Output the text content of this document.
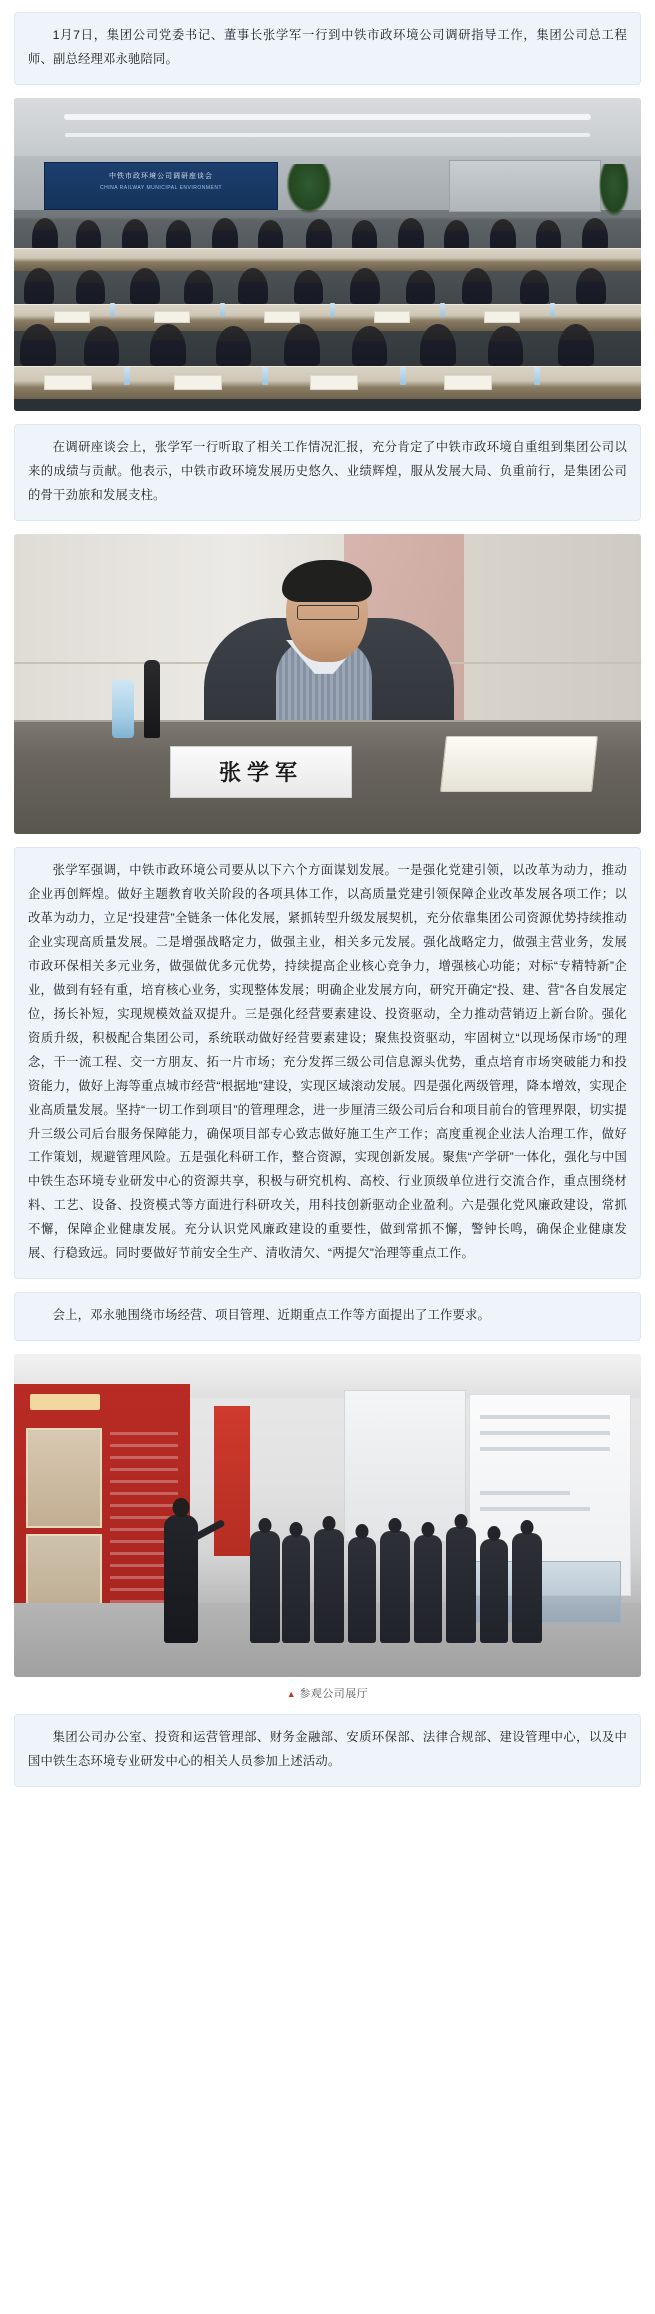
1月7日，集团公司党委书记、董事长张学军一行到中铁市政环境公司调研指导工作，集团公司总工程师、副总经理邓永驰陪同。

中铁市政环境公司调研座谈会
CHINA RAILWAY MUNICIPAL ENVIRONMENT

在调研座谈会上，张学军一行听取了相关工作情况汇报，充分肯定了中铁市政环境自重组到集团公司以来的成绩与贡献。他表示，中铁市政环境发展历史悠久、业绩辉煌，服从发展大局、负重前行，是集团公司的骨干劲旅和发展支柱。

张学军

张学军强调，中铁市政环境公司要从以下六个方面谋划发展。一是强化党建引领，以改革为动力，推动企业再创辉煌。做好主题教育收关阶段的各项具体工作，以高质量党建引领保障企业改革发展各项工作；以改革为动力，立足“投建营”全链条一体化发展，紧抓转型升级发展契机，充分依靠集团公司资源优势持续推动企业实现高质量发展。二是增强战略定力，做强主业，相关多元发展。强化战略定力，做强主营业务，发展市政环保相关多元业务，做强做优多元优势，持续提高企业核心竞争力，增强核心功能；对标“专精特新”企业，做到有轻有重，培育核心业务，实现整体发展；明确企业发展方向，研究开确定“投、建、营”各自发展定位，扬长补短，实现规模效益双提升。三是强化经营要素建设、投资驱动，全力推动营销迈上新台阶。强化资质升级，积极配合集团公司，系统联动做好经营要素建设；聚焦投资驱动，牢固树立“以现场保市场”的理念，干一流工程、交一方朋友、拓一片市场；充分发挥三级公司信息源头优势，重点培育市场突破能力和投资能力，做好上海等重点城市经营“根据地”建设，实现区域滚动发展。四是强化两级管理，降本增效，实现企业高质量发展。坚持“一切工作到项目”的管理理念，进一步厘清三级公司后台和项目前台的管理界限，切实提升三级公司后台服务保障能力，确保项目部专心致志做好施工生产工作；高度重视企业法人治理工作，做好工作策划，规避管理风险。五是强化科研工作，整合资源，实现创新发展。聚焦“产学研”一体化，强化与中国中铁生态环境专业研发中心的资源共享，积极与研究机构、高校、行业顶级单位进行交流合作，重点围绕材料、工艺、设备、投资模式等方面进行科研攻关，用科技创新驱动企业盈利。六是强化党风廉政建设，常抓不懈，保障企业健康发展。充分认识党风廉政建设的重要性，做到常抓不懈，警钟长鸣，确保企业健康发展、行稳致远。同时要做好节前安全生产、清收清欠、“两提欠”治理等重点工作。

会上，邓永驰围绕市场经营、项目管理、近期重点工作等方面提出了工作要求。

▲ 参观公司展厅

集团公司办公室、投资和运营管理部、财务金融部、安质环保部、法律合规部、建设管理中心，以及中国中铁生态环境专业研发中心的相关人员参加上述活动。
